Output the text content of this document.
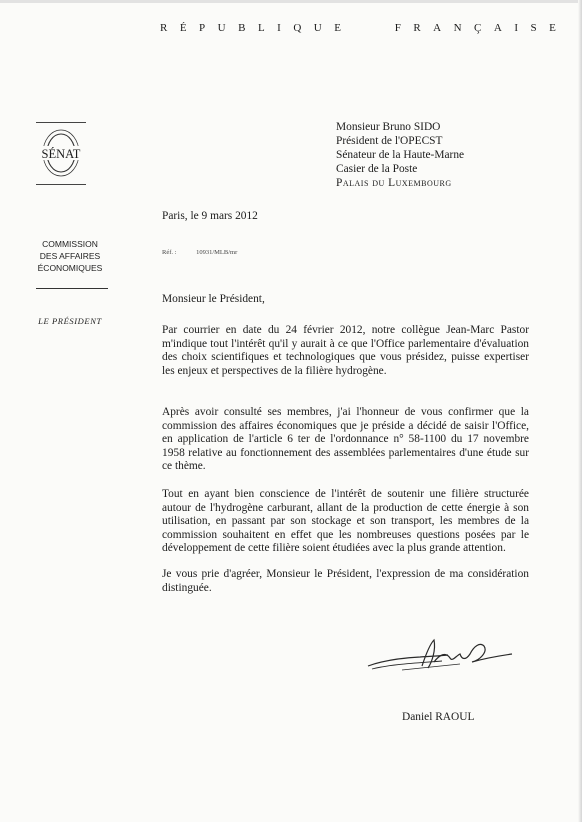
RÉPUBLIQUE	FRANÇAISE
SÉNAT
COMMISSION
DES AFFAIRES
ÉCONOMIQUES
LE PRÉSIDENT
Monsieur Bruno SIDO
Président de l'OPECST
Sénateur de la Haute-Marne
Casier de la Poste
Palais du Luxembourg
Paris, le 9 mars 2012
Réf. :	10931/MLB/mr
Monsieur le Président,
Par courrier en date du 24 février 2012, notre collègue Jean-Marc Pastor m'indique tout l'intérêt qu'il y aurait à ce que l'Office parlementaire d'évaluation des choix scientifiques et technologiques que vous présidez, puisse expertiser les enjeux et perspectives de la filière hydrogène.
Après avoir consulté ses membres, j'ai l'honneur de vous confirmer que la commission des affaires économiques que je préside a décidé de saisir l'Office, en application de l'article 6 ter de l'ordonnance n° 58-1100 du 17 novembre 1958 relative au fonctionnement des assemblées parlementaires d'une étude sur ce thème.
Tout en ayant bien conscience de l'intérêt de soutenir une filière structurée autour de l'hydrogène carburant, allant de la production de cette énergie à son utilisation, en passant par son stockage et son transport, les membres de la commission souhaitent en effet que les nombreuses questions posées par le développement de cette filière soient étudiées avec la plus grande attention.
Je vous prie d'agréer, Monsieur le Président, l'expression de ma considération distinguée.
Daniel RAOUL
